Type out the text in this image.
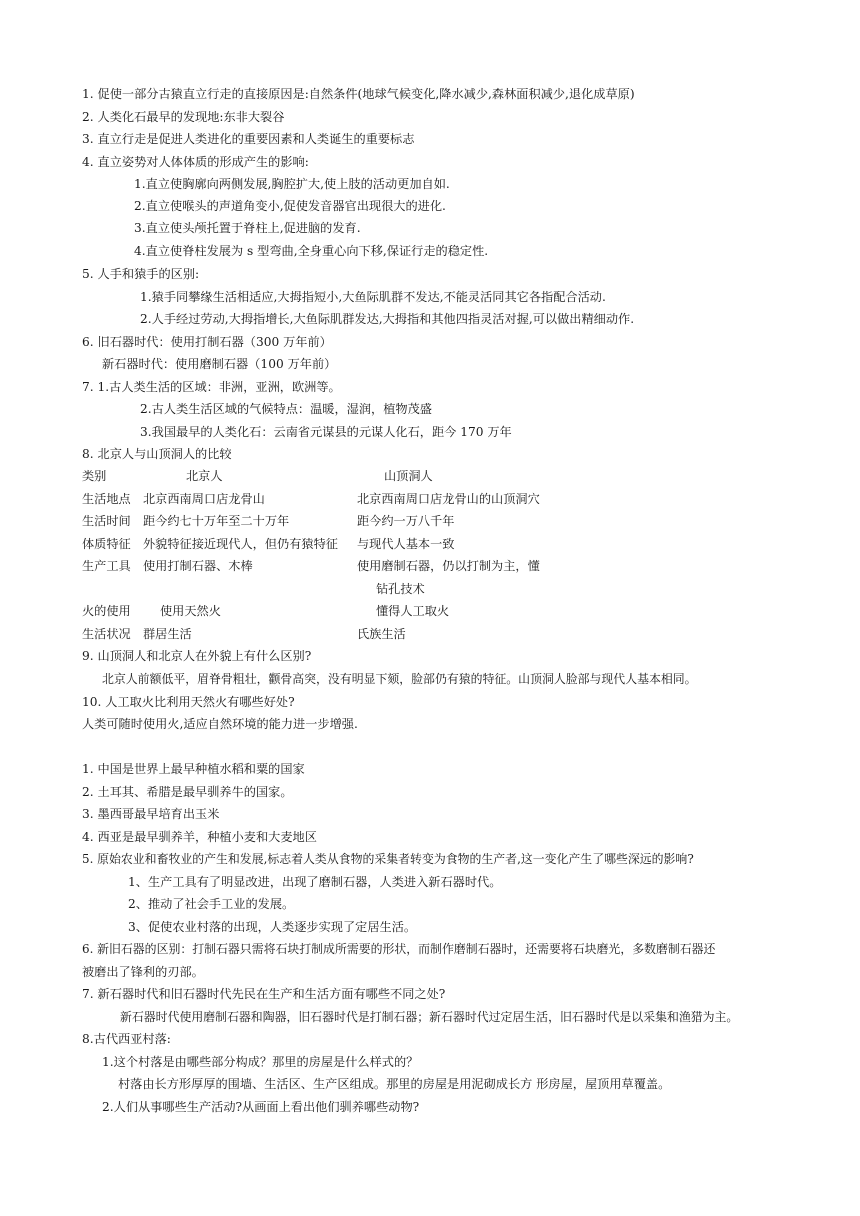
1. 促使一部分古猿直立行走的直接原因是:自然条件(地球气候变化,降水减少,森林面积减少,退化成草原)
2. 人类化石最早的发现地:东非大裂谷
3. 直立行走是促进人类进化的重要因素和人类诞生的重要标志
4. 直立姿势对人体体质的形成产生的影响:
1.直立使胸廓向两侧发展,胸腔扩大,使上肢的活动更加自如.
2.直立使喉头的声道角变小,促使发音器官出现很大的进化.
3.直立使头颅托置于脊柱上,促进脑的发育.
4.直立使脊柱发展为 s 型弯曲,全身重心向下移,保证行走的稳定性.
5. 人手和猿手的区别:
1.猿手同攀缘生活相适应,大拇指短小,大鱼际肌群不发达,不能灵活同其它各指配合活动.
2.人手经过劳动,大拇指增长,大鱼际肌群发达,大拇指和其他四指灵活对握,可以做出精细动作.
6. 旧石器时代：使用打制石器（300 万年前）
新石器时代：使用磨制石器（100 万年前）
7. 1.古人类生活的区域：非洲，亚洲，欧洲等。
2.古人类生活区域的气候特点：温暖，湿润，植物茂盛
3.我国最早的人类化石：云南省元谋县的元谋人化石，距今 170 万年
8. 北京人与山顶洞人的比较
类别	北京人	山顶洞人
生活地点 北京西南周口店龙骨山	北京西南周口店龙骨山的山顶洞穴
生活时间 距今约七十万年至二十万年	距今约一万八千年
体质特征 外貌特征接近现代人，但仍有猿特征 与现代人基本一致
生产工具 使用打制石器、木棒	使用磨制石器，仍以打制为主，懂
钻孔技术
火的使用 使用天然火	懂得人工取火
生活状况 群居生活	氏族生活
9. 山顶洞人和北京人在外貌上有什么区别?
北京人前额低平，眉脊骨粗壮，颧骨高突，没有明显下颏，脸部仍有猿的特征。山顶洞人脸部与现代人基本相同。
10. 人工取火比利用天然火有哪些好处?
人类可随时使用火,适应自然环境的能力进一步增强.
1. 中国是世界上最早种植水稻和粟的国家
2. 土耳其、希腊是最早驯养牛的国家。
3. 墨西哥最早培育出玉米
4. 西亚是最早驯养羊，种植小麦和大麦地区
5. 原始农业和畜牧业的产生和发展,标志着人类从食物的采集者转变为食物的生产者,这一变化产生了哪些深远的影响?
1、生产工具有了明显改进，出现了磨制石器，人类进入新石器时代。
2、推动了社会手工业的发展。
3、促使农业村落的出现，人类逐步实现了定居生活。
6. 新旧石器的区别：打制石器只需将石块打制成所需要的形状，而制作磨制石器时，还需要将石块磨光，多数磨制石器还
被磨出了锋利的刃部。
7. 新石器时代和旧石器时代先民在生产和生活方面有哪些不同之处?
新石器时代使用磨制石器和陶器，旧石器时代是打制石器；新石器时代过定居生活，旧石器时代是以采集和渔猎为主。
8.古代西亚村落:
1.这个村落是由哪些部分构成？那里的房屋是什么样式的？
村落由长方形厚厚的围墙、生活区、生产区组成。那里的房屋是用泥砌成长方 形房屋，屋顶用草覆盖。
2.人们从事哪些生产活动?从画面上看出他们驯养哪些动物?
